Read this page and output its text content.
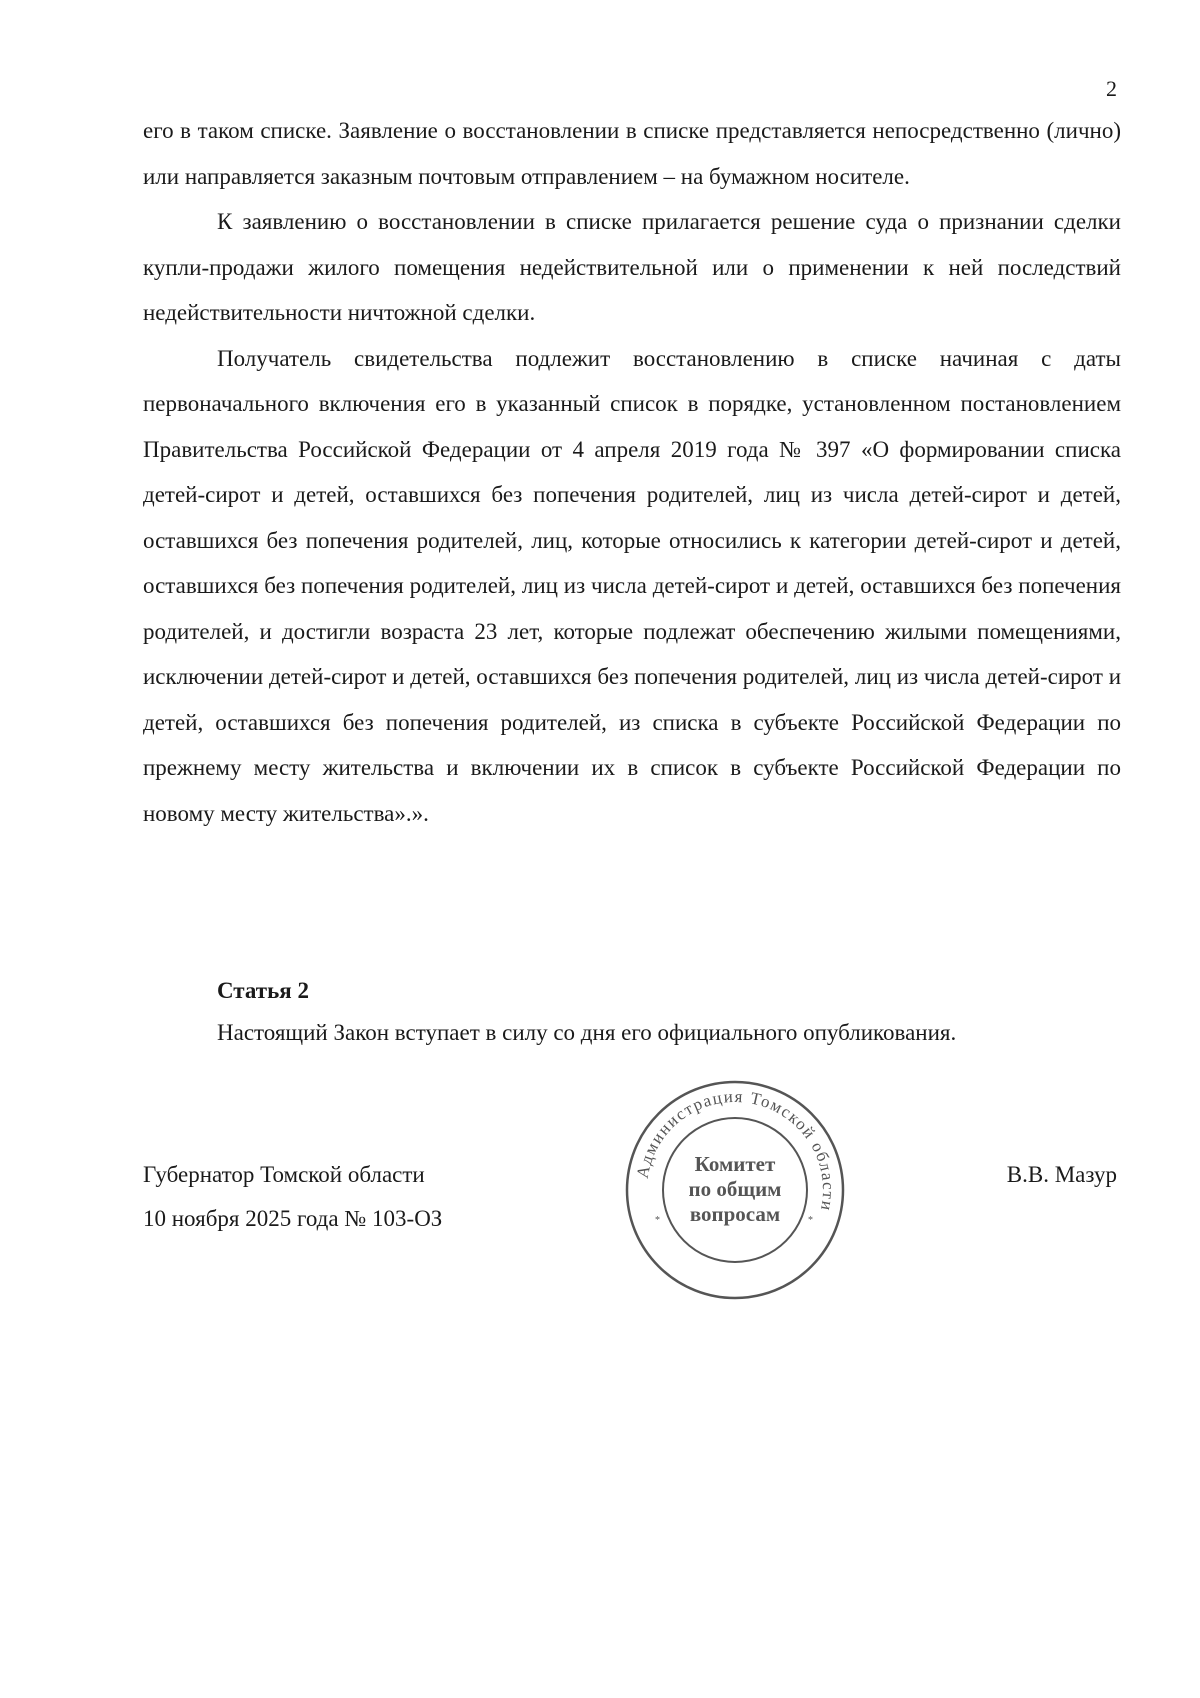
2

его в таком списке. Заявление о восстановлении в списке представляется непосредственно (лично) или направляется заказным почтовым отправлением – на бумажном носителе.

К заявлению о восстановлении в списке прилагается решение суда о признании сделки купли-продажи жилого помещения недействительной или о применении к ней последствий недействительности ничтожной сделки.

Получатель свидетельства подлежит восстановлению в списке начиная с даты первоначального включения его в указанный список в порядке, установленном постановлением Правительства Российской Федерации от 4 апреля 2019 года № 397 «О формировании списка детей-сирот и детей, оставшихся без попечения родителей, лиц из числа детей-сирот и детей, оставшихся без попечения родителей, лиц, которые относились к категории детей-сирот и детей, оставшихся без попечения родителей, лиц из числа детей-сирот и детей, оставшихся без попечения родителей, и достигли возраста 23 лет, которые подлежат обеспечению жилыми помещениями, исключении детей-сирот и детей, оставшихся без попечения родителей, лиц из числа детей-сирот и детей, оставшихся без попечения родителей, из списка в субъекте Российской Федерации по прежнему месту жительства и включении их в список в субъекте Российской Федерации по новому месту жительства».».

Статья 2
Настоящий Закон вступает в силу со дня его официального опубликования.
Губернатор Томской области
10 ноября 2025 года № 103-ОЗ
В.В. Мазур
Администрация Томской области
*	*
Комитет
по общим
вопросам
